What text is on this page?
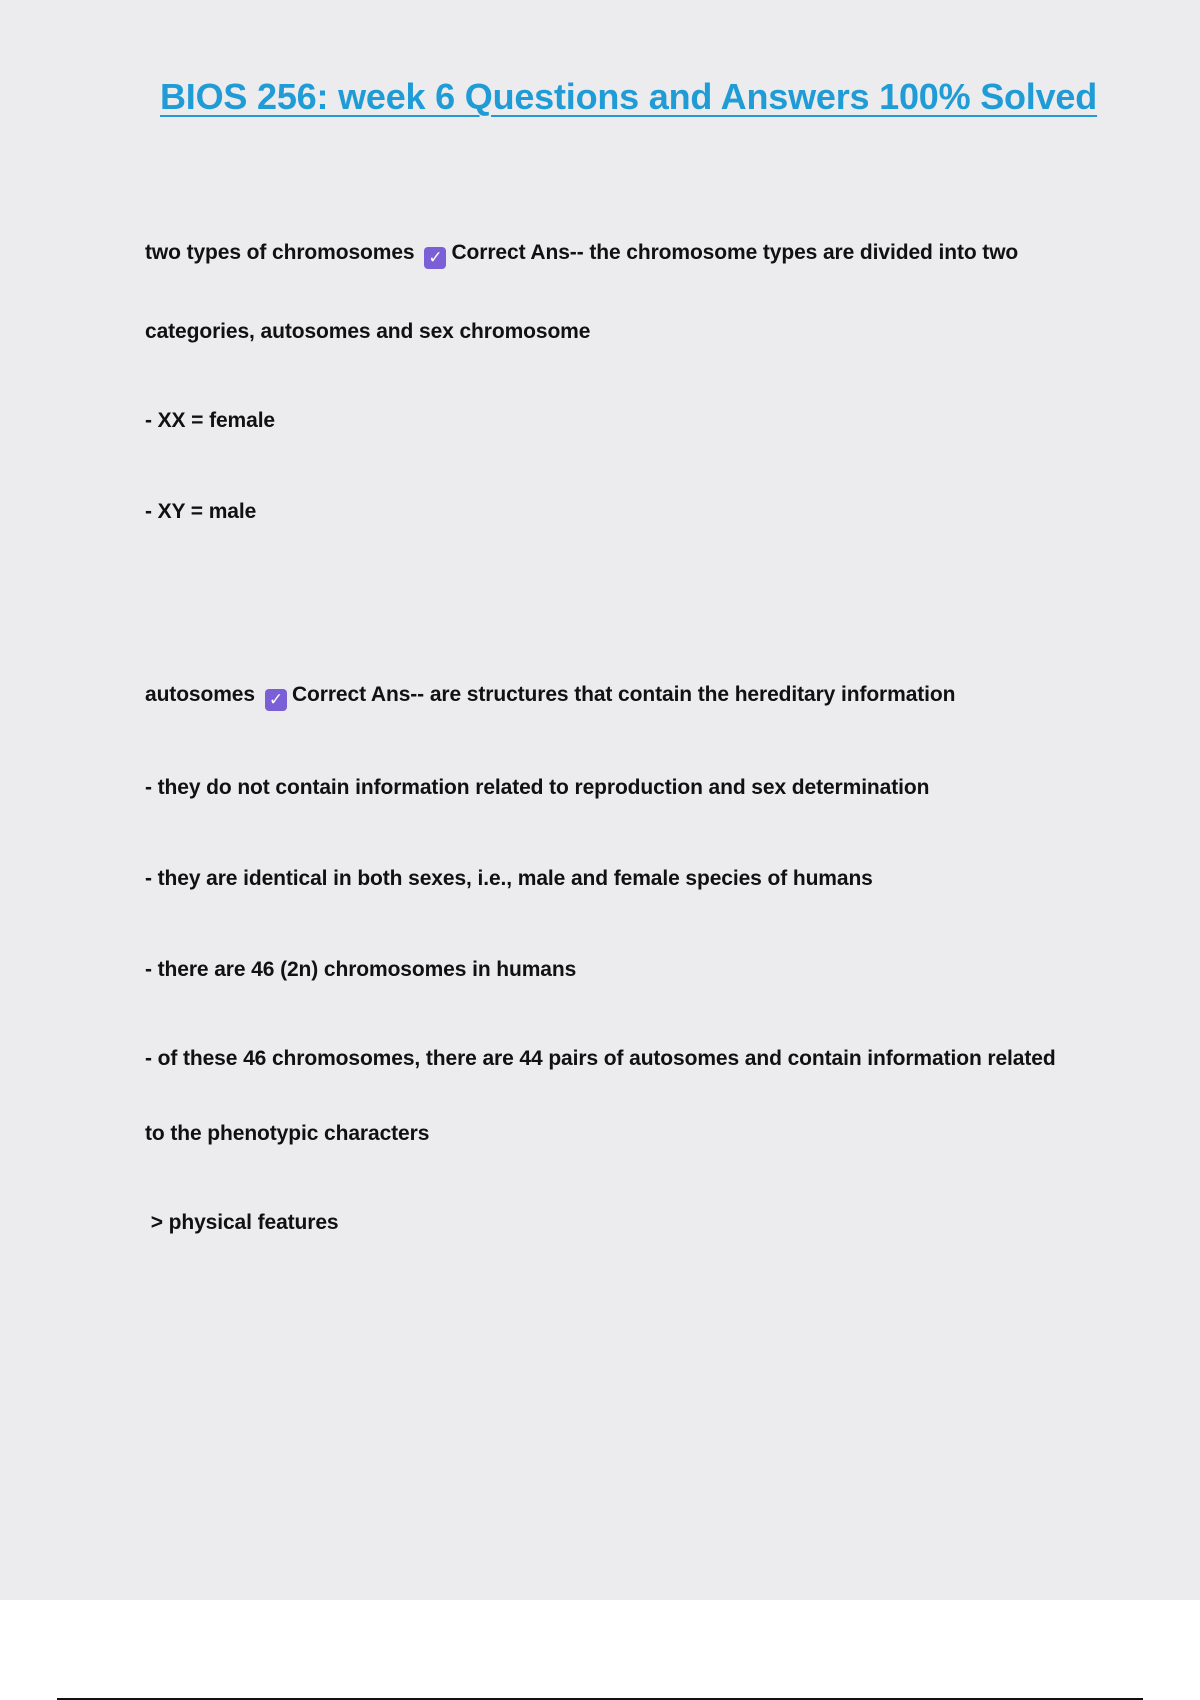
BIOS 256: week 6 Questions and Answers 100% Solved

two types of chromosomes ✓ Correct Ans-- the chromosome types are divided into two

categories, autosomes and sex chromosome

- XX = female

- XY = male

autosomes ✓ Correct Ans-- are structures that contain the hereditary information

- they do not contain information related to reproduction and sex determination

- they are identical in both sexes, i.e., male and female species of humans

- there are 46 (2n) chromosomes in humans

- of these 46 chromosomes, there are 44 pairs of autosomes and contain information related

to the phenotypic characters

> physical features
